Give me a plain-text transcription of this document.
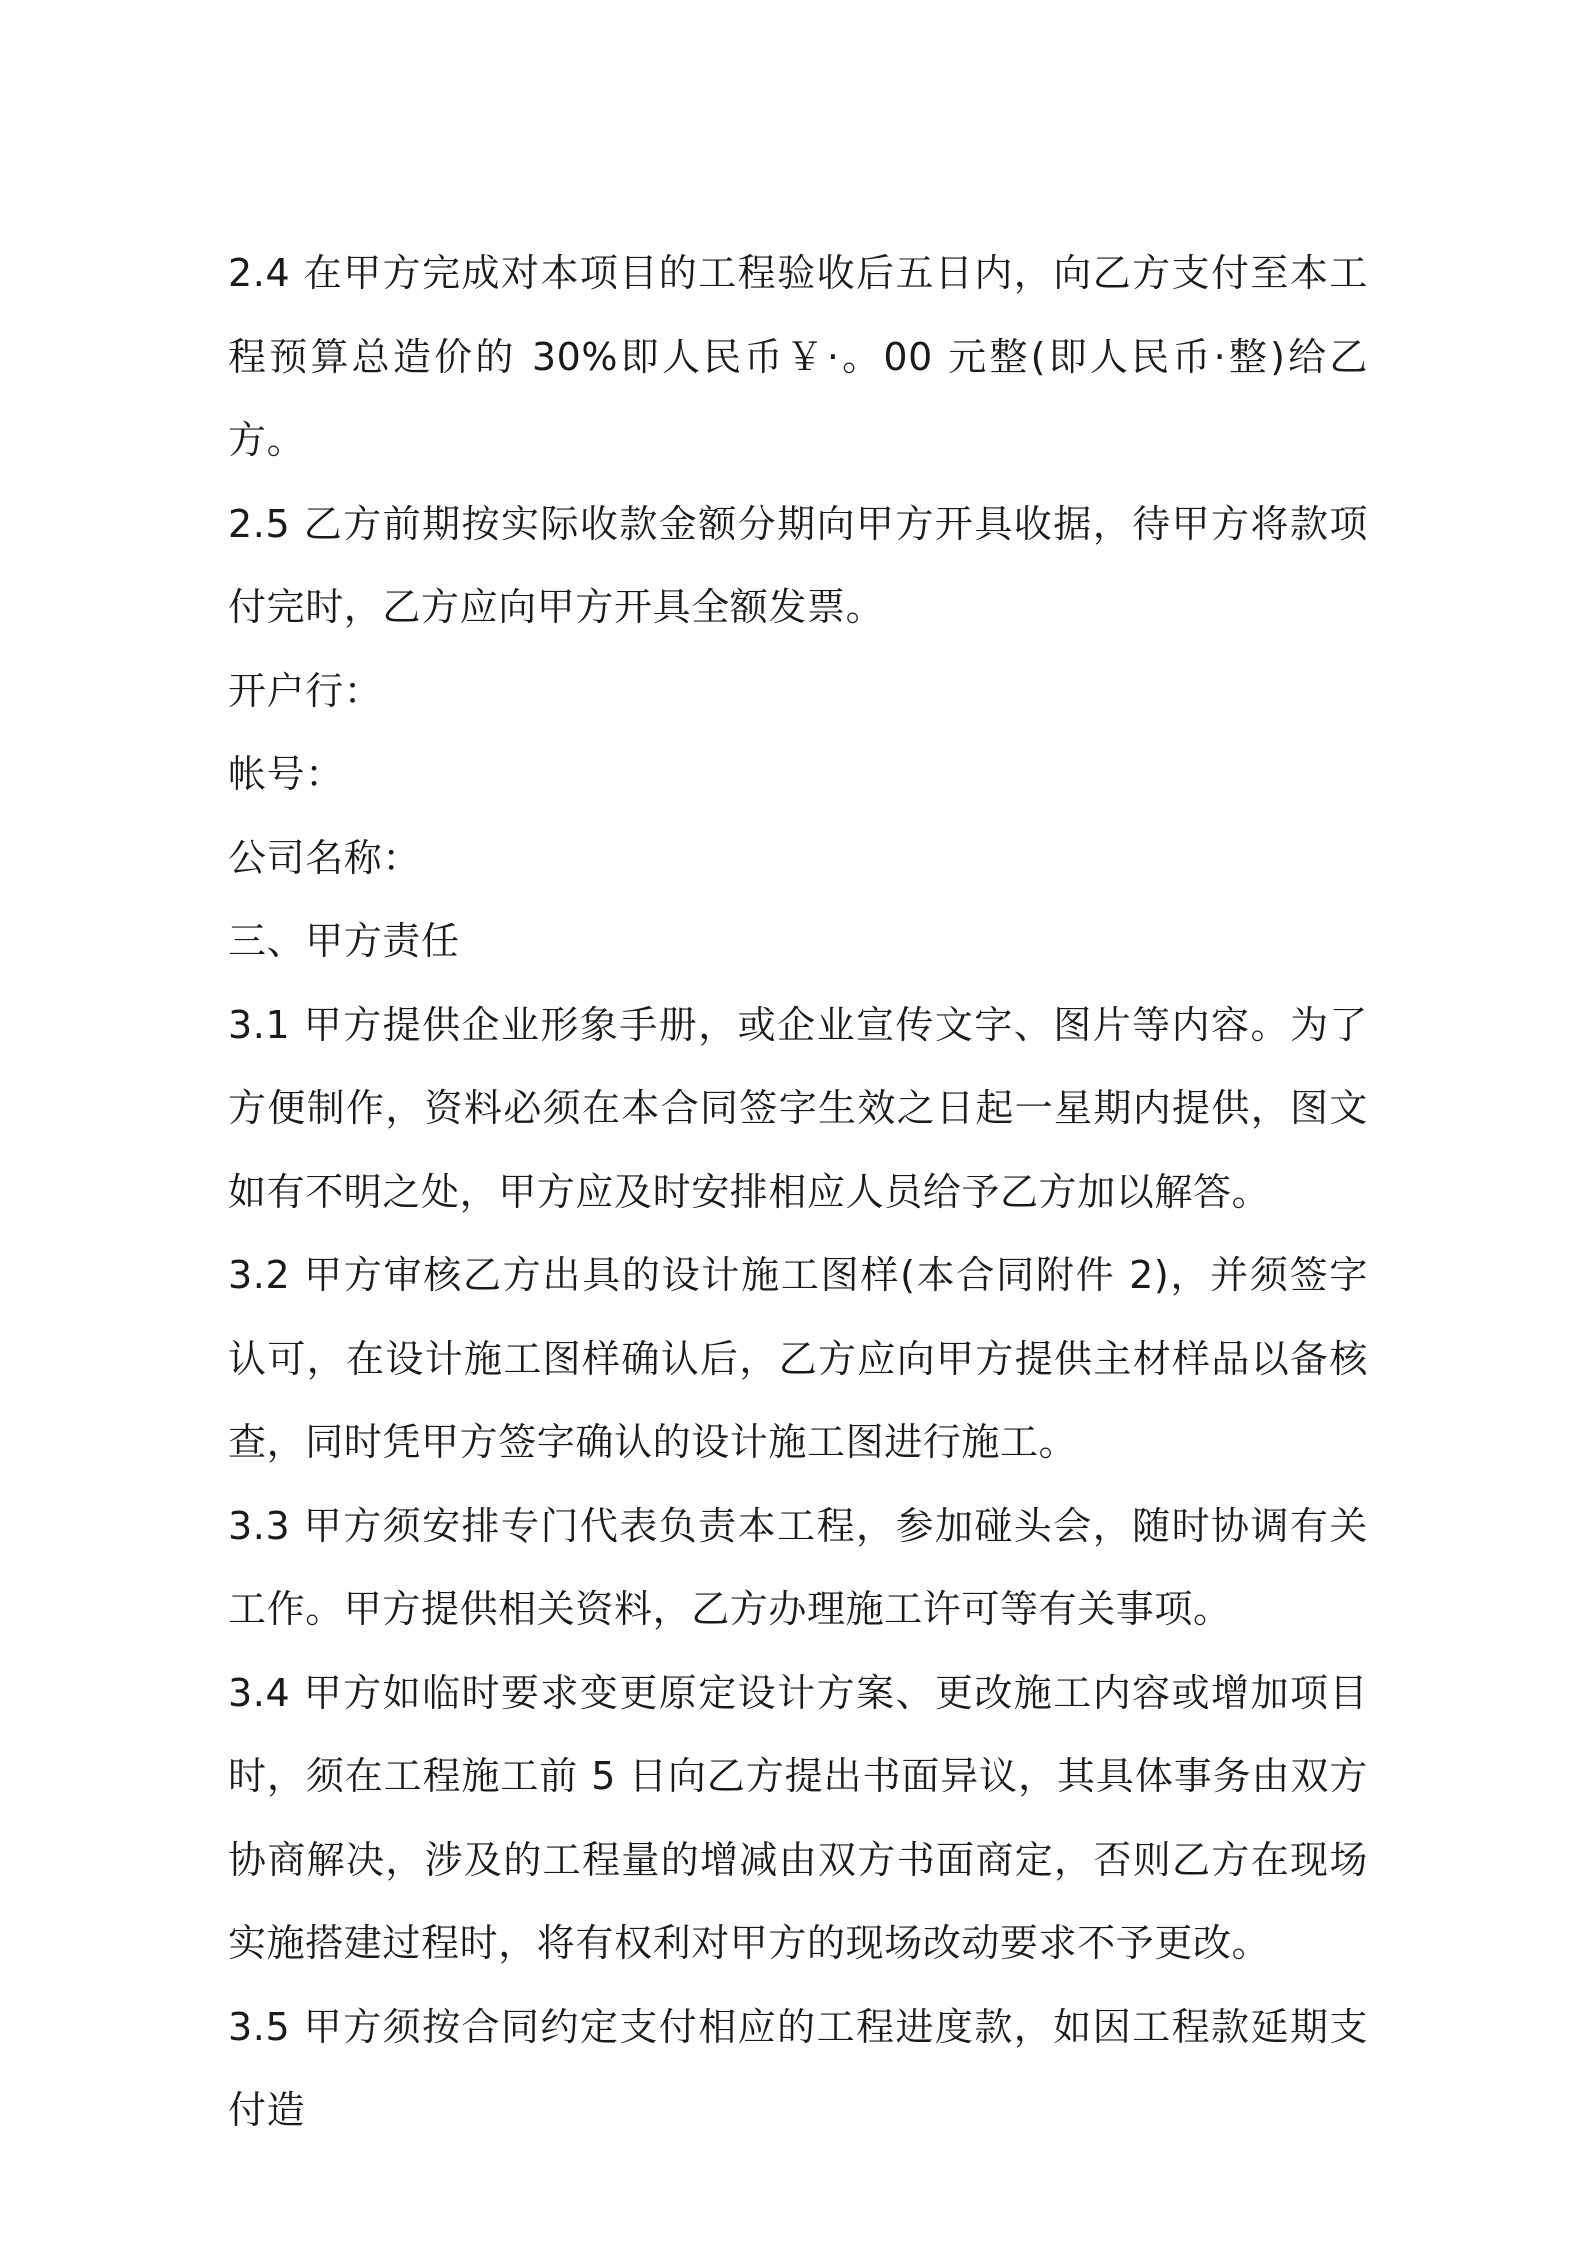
2.4 在甲方完成对本项目的工程验收后五日内，向乙方支付至本工程预算总造价的 30%即人民币￥·。00 元整(即人民币·整)给乙方。

2.5 乙方前期按实际收款金额分期向甲方开具收据，待甲方将款项付完时，乙方应向甲方开具全额发票。

开户行：

帐号：

公司名称：

三、甲方责任

3.1 甲方提供企业形象手册，或企业宣传文字、图片等内容。为了方便制作，资料必须在本合同签字生效之日起一星期内提供，图文如有不明之处，甲方应及时安排相应人员给予乙方加以解答。

3.2 甲方审核乙方出具的设计施工图样(本合同附件 2)，并须签字认可，在设计施工图样确认后，乙方应向甲方提供主材样品以备核查，同时凭甲方签字确认的设计施工图进行施工。

3.3 甲方须安排专门代表负责本工程，参加碰头会，随时协调有关工作。甲方提供相关资料，乙方办理施工许可等有关事项。

3.4 甲方如临时要求变更原定设计方案、更改施工内容或增加项目时，须在工程施工前 5 日向乙方提出书面异议，其具体事务由双方协商解决，涉及的工程量的增减由双方书面商定，否则乙方在现场实施搭建过程时，将有权利对甲方的现场改动要求不予更改。

3.5 甲方须按合同约定支付相应的工程进度款，如因工程款延期支付造
